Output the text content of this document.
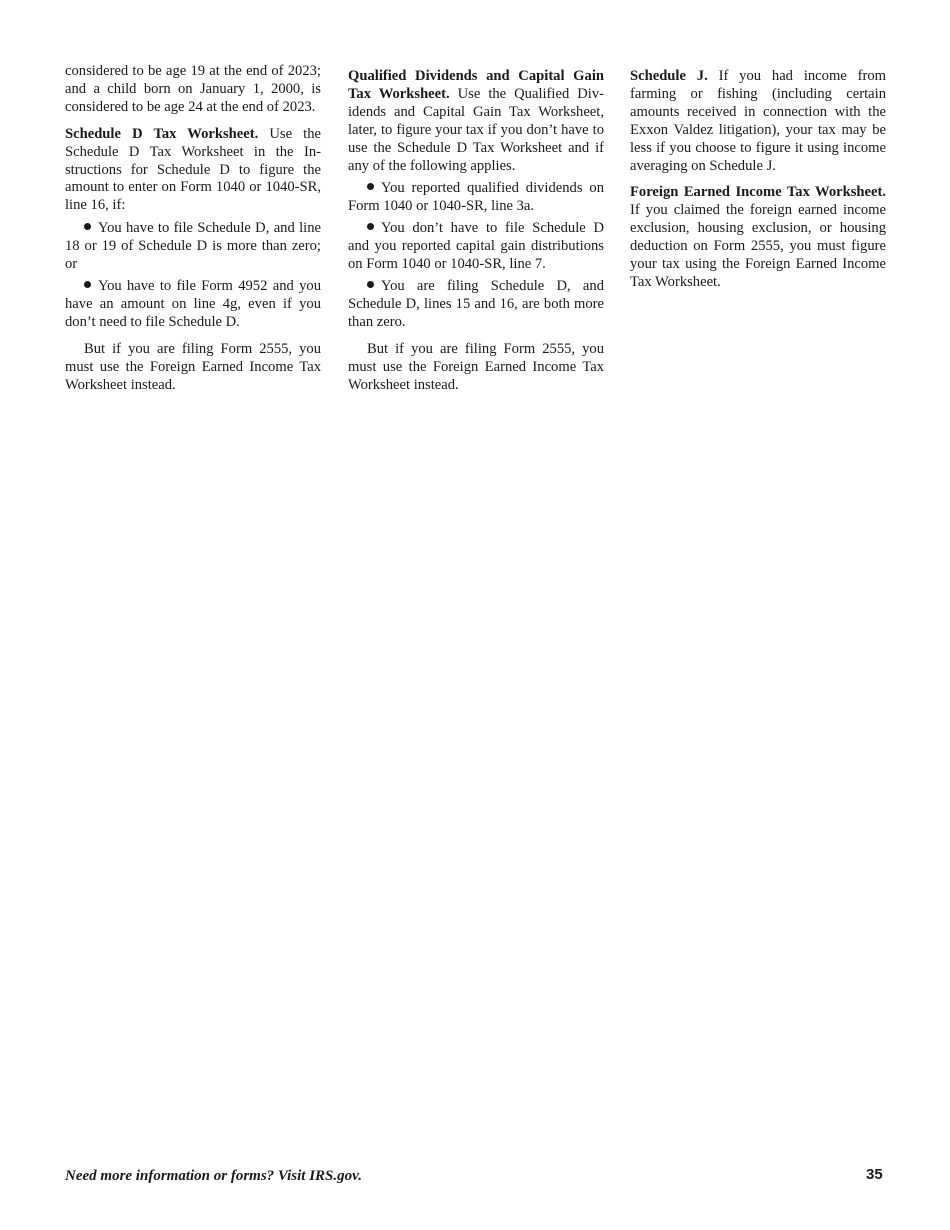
considered to be age 19 at the end of 2023; and a child born on January 1, 2000, is considered to be age 24 at the end of 2023.

Schedule D Tax Worksheet. Use the Schedule D Tax Worksheet in the Instructions for Schedule D to figure the amount to enter on Form 1040 or 1040-SR, line 16, if:

You have to file Schedule D, and line 18 or 19 of Schedule D is more than zero; or

You have to file Form 4952 and you have an amount on line 4g, even if you don’t need to file Schedule D.

But if you are filing Form 2555, you must use the Foreign Earned Income Tax Worksheet instead.

Qualified Dividends and Capital Gain Tax Worksheet. Use the Qualified Dividends and Capital Gain Tax Worksheet, later, to figure your tax if you don’t have to use the Schedule D Tax Worksheet and if any of the following applies.

You reported qualified dividends on Form 1040 or 1040-SR, line 3a.

You don’t have to file Schedule D and you reported capital gain distributions on Form 1040 or 1040-SR, line 7.

You are filing Schedule D, and Schedule D, lines 15 and 16, are both more than zero.

But if you are filing Form 2555, you must use the Foreign Earned Income Tax Worksheet instead.

Schedule J. If you had income from farming or fishing (including certain amounts received in connection with the Exxon Valdez litigation), your tax may be less if you choose to figure it using income averaging on Schedule J.

Foreign Earned Income Tax Worksheet. If you claimed the foreign earned income exclusion, housing exclusion, or housing deduction on Form 2555, you must figure your tax using the Foreign Earned Income Tax Worksheet.

Need more information or forms? Visit IRS.gov.	35
